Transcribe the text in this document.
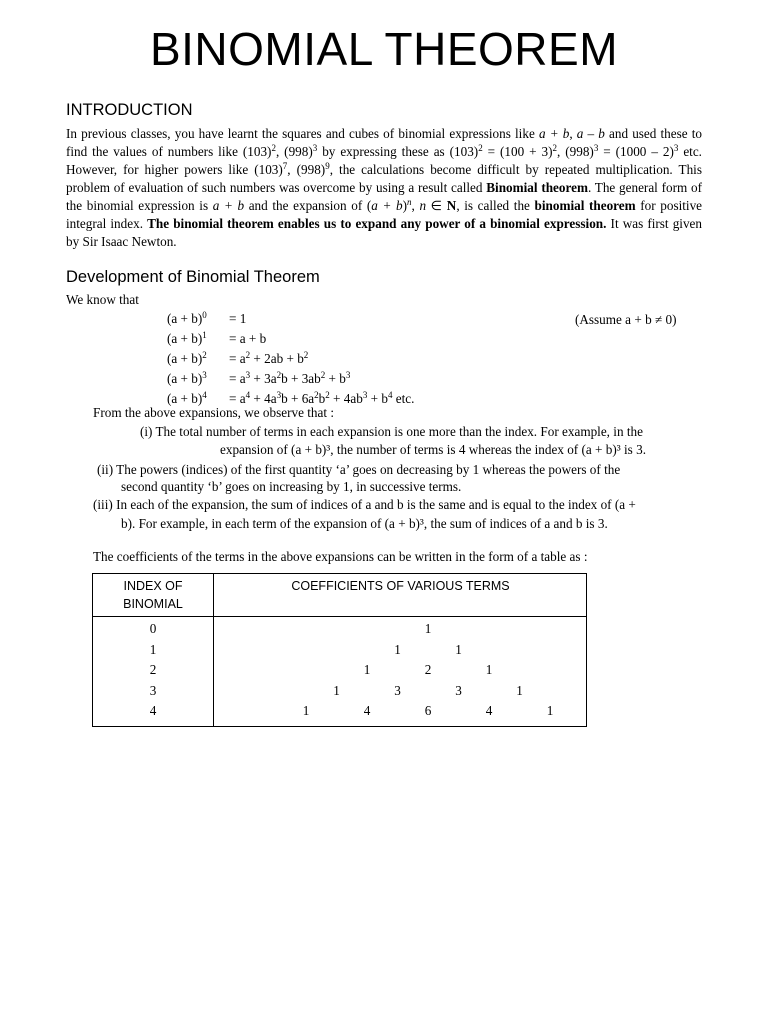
BINOMIAL THEOREM
INTRODUCTION
In previous classes, you have learnt the squares and cubes of binomial expressions like a + b, a – b and used these to find the values of numbers like $(103)^2$, $(998)^3$ by expressing these as $(103)^2 = (100 + 3)^2$, $(998)^3 = (1000 - 2)^3$ etc. However, for higher powers like $(103)^7$, $(998)^9$, the calculations become difficult by repeated multiplication. This problem of evaluation of such numbers was overcome by using a result called Binomial theorem. The general form of the binomial expression is a + b and the expansion of $(a + b)^n$, n ∈ N, is called the binomial theorem for positive integral index. The binomial theorem enables us to expand any power of a binomial expression. It was first given by Sir Isaac Newton.
Development of Binomial Theorem
We know that
$(a + b)^0 = 1$
$(a + b)^1 = a + b$
$(a + b)^2 = a^2 + 2ab + b^2$
$(a + b)^3 = a^3 + 3a^2b + 3ab^2 + b^3$
$(a + b)^4 = a^4 + 4a^3b + 6a^2b^2 + 4ab^3 + b^4$ etc.
(Assume a + b ≠ 0)
From the above expansions, we observe that :
(i) The total number of terms in each expansion is one more than the index. For example, in the
expansion of (a + b)³, the number of terms is 4 whereas the index of (a + b)³ is 3.
(ii) The powers (indices) of the first quantity ‘a’ goes on decreasing by 1 whereas the powers of the
second quantity ‘b’ goes on increasing by 1, in successive terms.
(iii) In each of the expansion, the sum of indices of a and b is the same and is equal to the index of (a +
b). For example, in each term of the expansion of (a + b)³, the sum of indices of a and b is 3.
The coefficients of the terms in the above expansions can be written in the form of a table as :
INDEX OF BINOMIAL
COEFFICIENTS OF VARIOUS TERMS
0	1
1	1	1
2	1	2	1
3	1	3	3	1
4	1	4	6	4	1
